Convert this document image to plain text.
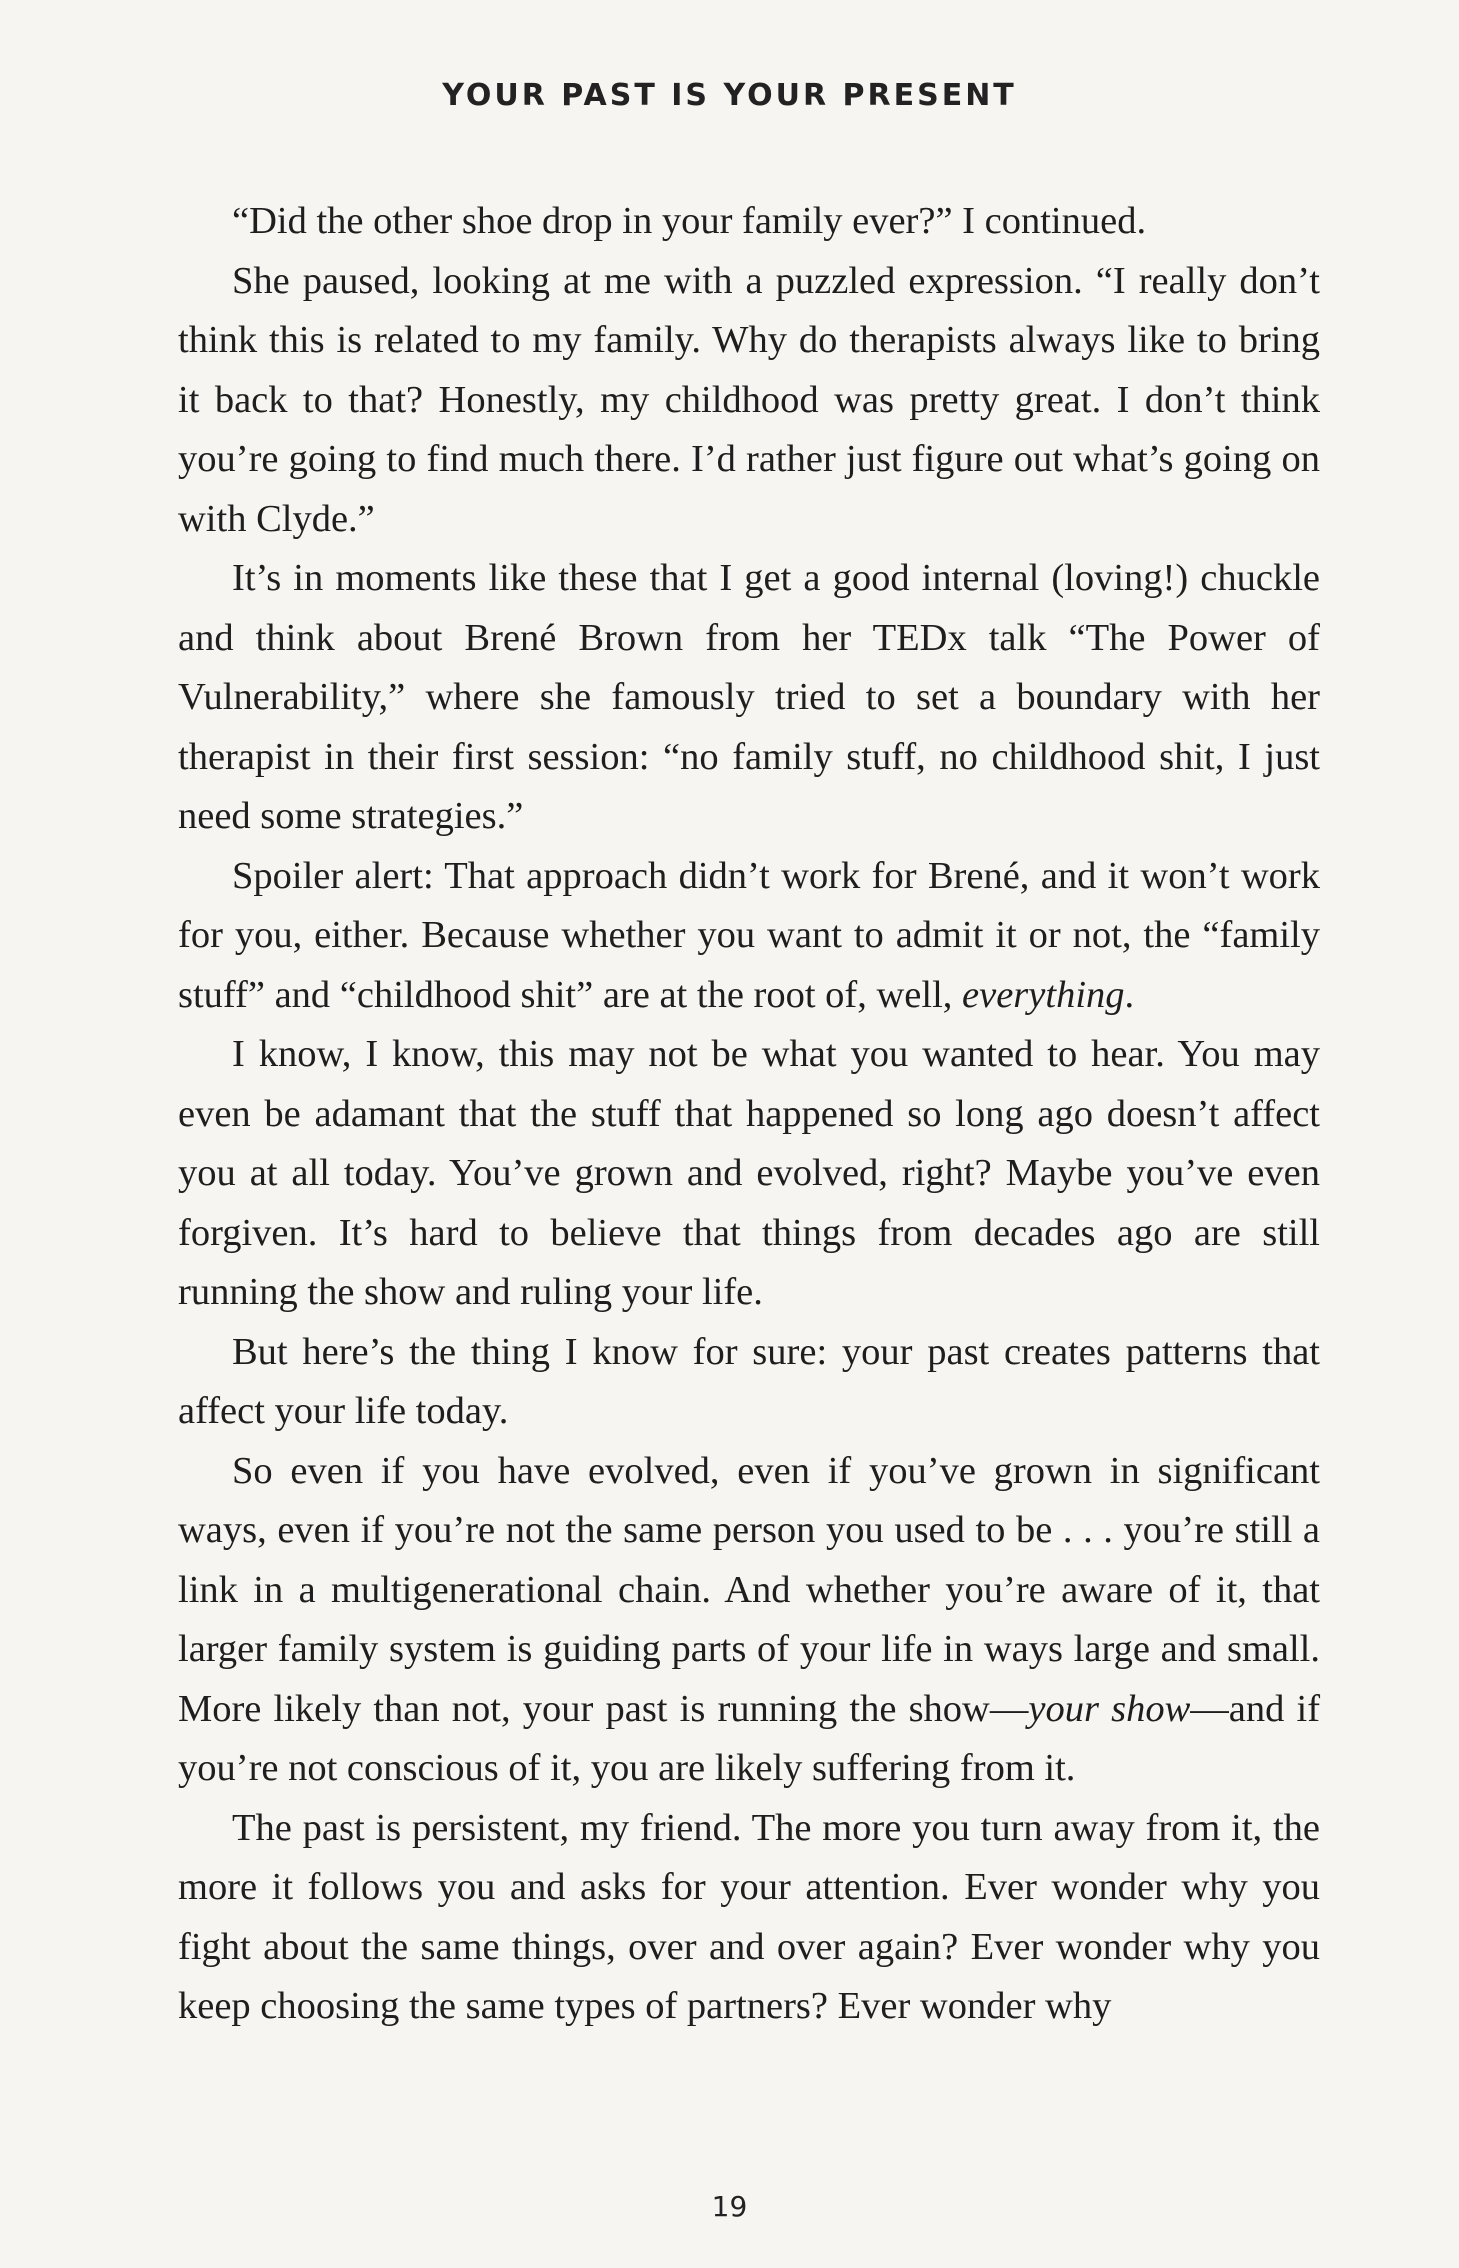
YOUR PAST IS YOUR PRESENT

“Did the other shoe drop in your family ever?” I continued.

She paused, looking at me with a puzzled expression. “I really don’t think this is related to my family. Why do therapists always like to bring it back to that? Honestly, my childhood was pretty great. I don’t think you’re going to find much there. I’d rather just figure out what’s going on with Clyde.”

It’s in moments like these that I get a good internal (loving!) chuckle and think about Brené Brown from her TEDx talk “The Power of Vulnerability,” where she famously tried to set a boundary with her therapist in their first session: “no family stuff, no childhood shit, I just need some strategies.”

Spoiler alert: That approach didn’t work for Brené, and it won’t work for you, either. Because whether you want to admit it or not, the “family stuff” and “childhood shit” are at the root of, well, everything.

I know, I know, this may not be what you wanted to hear. You may even be adamant that the stuff that happened so long ago doesn’t affect you at all today. You’ve grown and evolved, right? Maybe you’ve even forgiven. It’s hard to believe that things from decades ago are still running the show and ruling your life.

But here’s the thing I know for sure: your past creates patterns that affect your life today.

So even if you have evolved, even if you’ve grown in significant ways, even if you’re not the same person you used to be . . . you’re still a link in a multigenerational chain. And whether you’re aware of it, that larger family system is guiding parts of your life in ways large and small. More likely than not, your past is running the show—your show—and if you’re not conscious of it, you are likely suffering from it.

The past is persistent, my friend. The more you turn away from it, the more it follows you and asks for your attention. Ever wonder why you fight about the same things, over and over again? Ever wonder why you keep choosing the same types of partners? Ever wonder why

19
